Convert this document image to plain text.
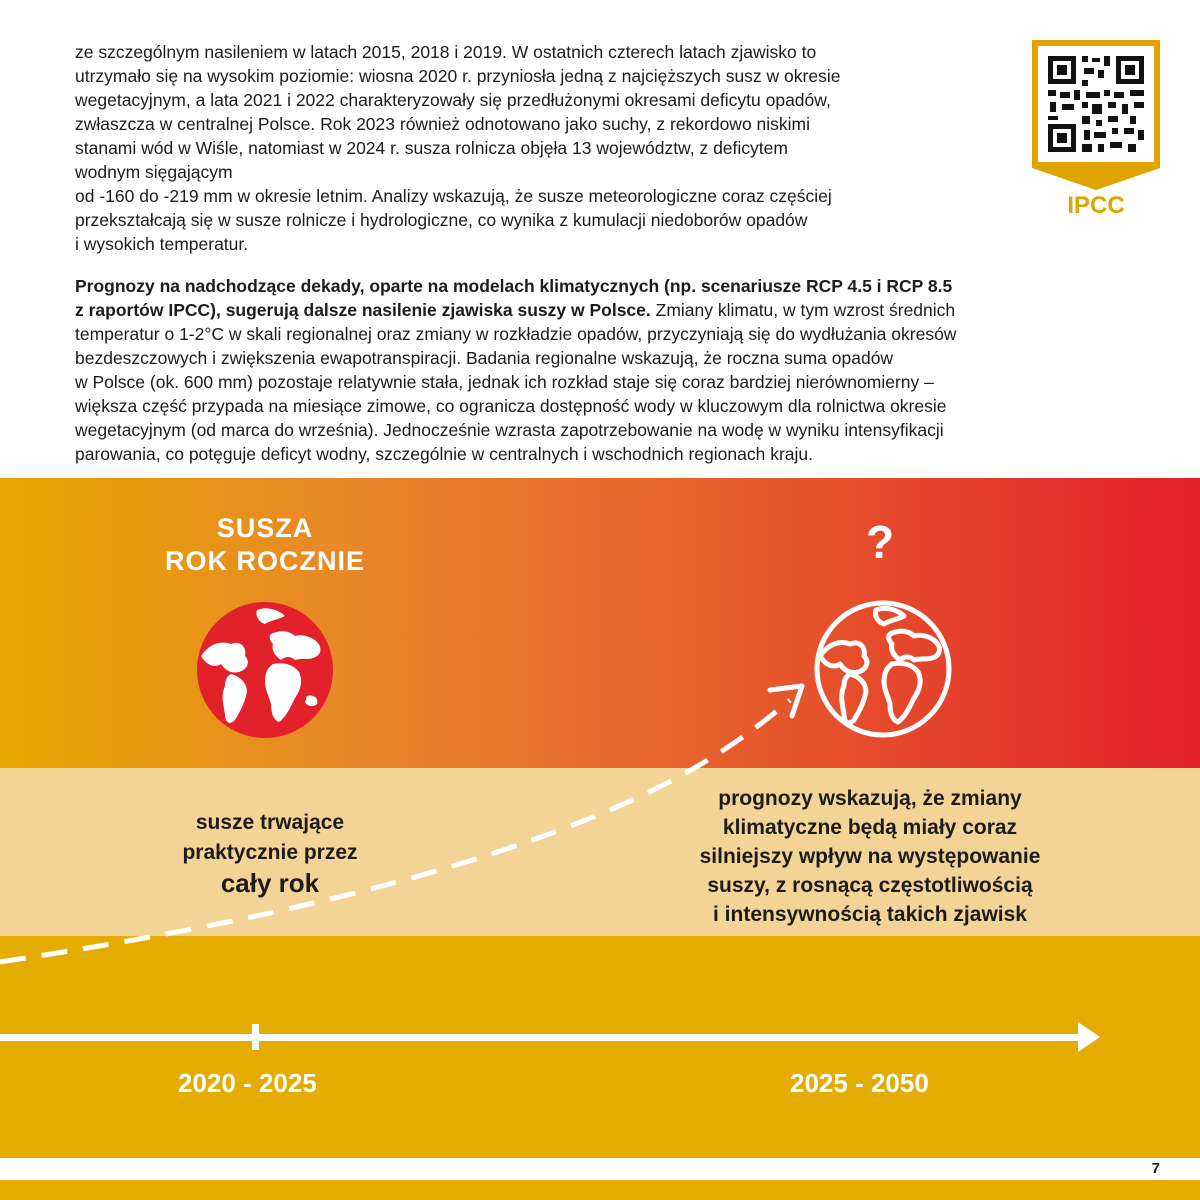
ze szczególnym nasileniem w latach 2015, 2018 i 2019. W ostatnich czterech latach zjawisko to
utrzymało się na wysokim poziomie: wiosna 2020 r. przyniosła jedną z najcięższych susz w okresie
wegetacyjnym, a lata 2021 i 2022 charakteryzowały się przedłużonymi okresami deficytu opadów,
zwłaszcza w centralnej Polsce. Rok 2023 również odnotowano jako suchy, z rekordowo niskimi
stanami wód w Wiśle, natomiast w 2024 r. susza rolnicza objęła 13 województw, z deficytem
wodnym sięgającym
od -160 do -219 mm w okresie letnim. Analizy wskazują, że susze meteorologiczne coraz częściej
przekształcają się w susze rolnicze i hydrologiczne, co wynika z kumulacji niedoborów opadów
i wysokich temperatur.
Prognozy na nadchodzące dekady, oparte na modelach klimatycznych (np. scenariusze RCP 4.5 i RCP 8.5
z raportów IPCC), sugerują dalsze nasilenie zjawiska suszy w Polsce. Zmiany klimatu, w tym wzrost średnich
temperatur o 1-2°C w skali regionalnej oraz zmiany w rozkładzie opadów, przyczyniają się do wydłużania okresów
bezdeszczowych i zwiększenia ewapotranspiracji. Badania regionalne wskazują, że roczna suma opadów
w Polsce (ok. 600 mm) pozostaje relatywnie stała, jednak ich rozkład staje się coraz bardziej nierównomierny –
większa część przypada na miesiące zimowe, co ogranicza dostępność wody w kluczowym dla rolnictwa okresie
wegetacyjnym (od marca do września). Jednocześnie wzrasta zapotrzebowanie na wodę w wyniku intensyfikacji
parowania, co potęguje deficyt wodny, szczególnie w centralnych i wschodnich regionach kraju.
IPCC
7
SUSZA
ROK ROCZNIE	?
susze trwające
praktycznie przez
cały rok
prognozy wskazują, że zmiany
klimatyczne będą miały coraz
silniejszy wpływ na występowanie
suszy, z rosnącą częstotliwością
i intensywnością takich zjawisk
2020 - 2025	2025 - 2050
